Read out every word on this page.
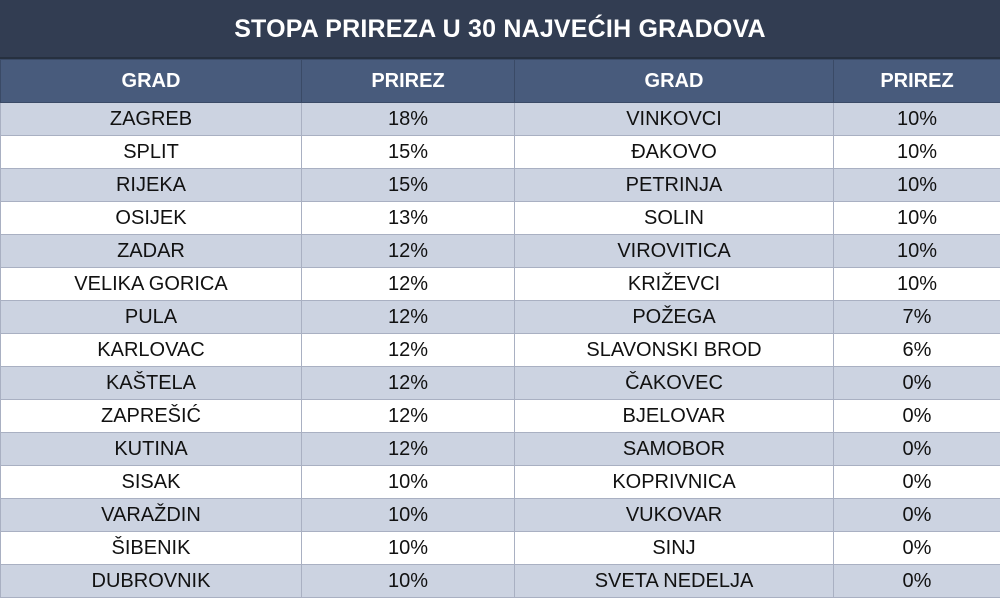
STOPA PRIREZA U 30 NAJVEĆIH GRADOVA
GRAD	PRIREZ	GRAD	PRIREZ
ZAGREB	18%	VINKOVCI	10%
SPLIT	15%	ĐAKOVO	10%
RIJEKA	15%	PETRINJA	10%
OSIJEK	13%	SOLIN	10%
ZADAR	12%	VIROVITICA	10%
VELIKA GORICA	12%	KRIŽEVCI	10%
PULA	12%	POŽEGA	7%
KARLOVAC	12%	SLAVONSKI BROD	6%
KAŠTELA	12%	ČAKOVEC	0%
ZAPREŠIĆ	12%	BJELOVAR	0%
KUTINA	12%	SAMOBOR	0%
SISAK	10%	KOPRIVNICA	0%
VARAŽDIN	10%	VUKOVAR	0%
ŠIBENIK	10%	SINJ	0%
DUBROVNIK	10%	SVETA NEDELJA	0%
